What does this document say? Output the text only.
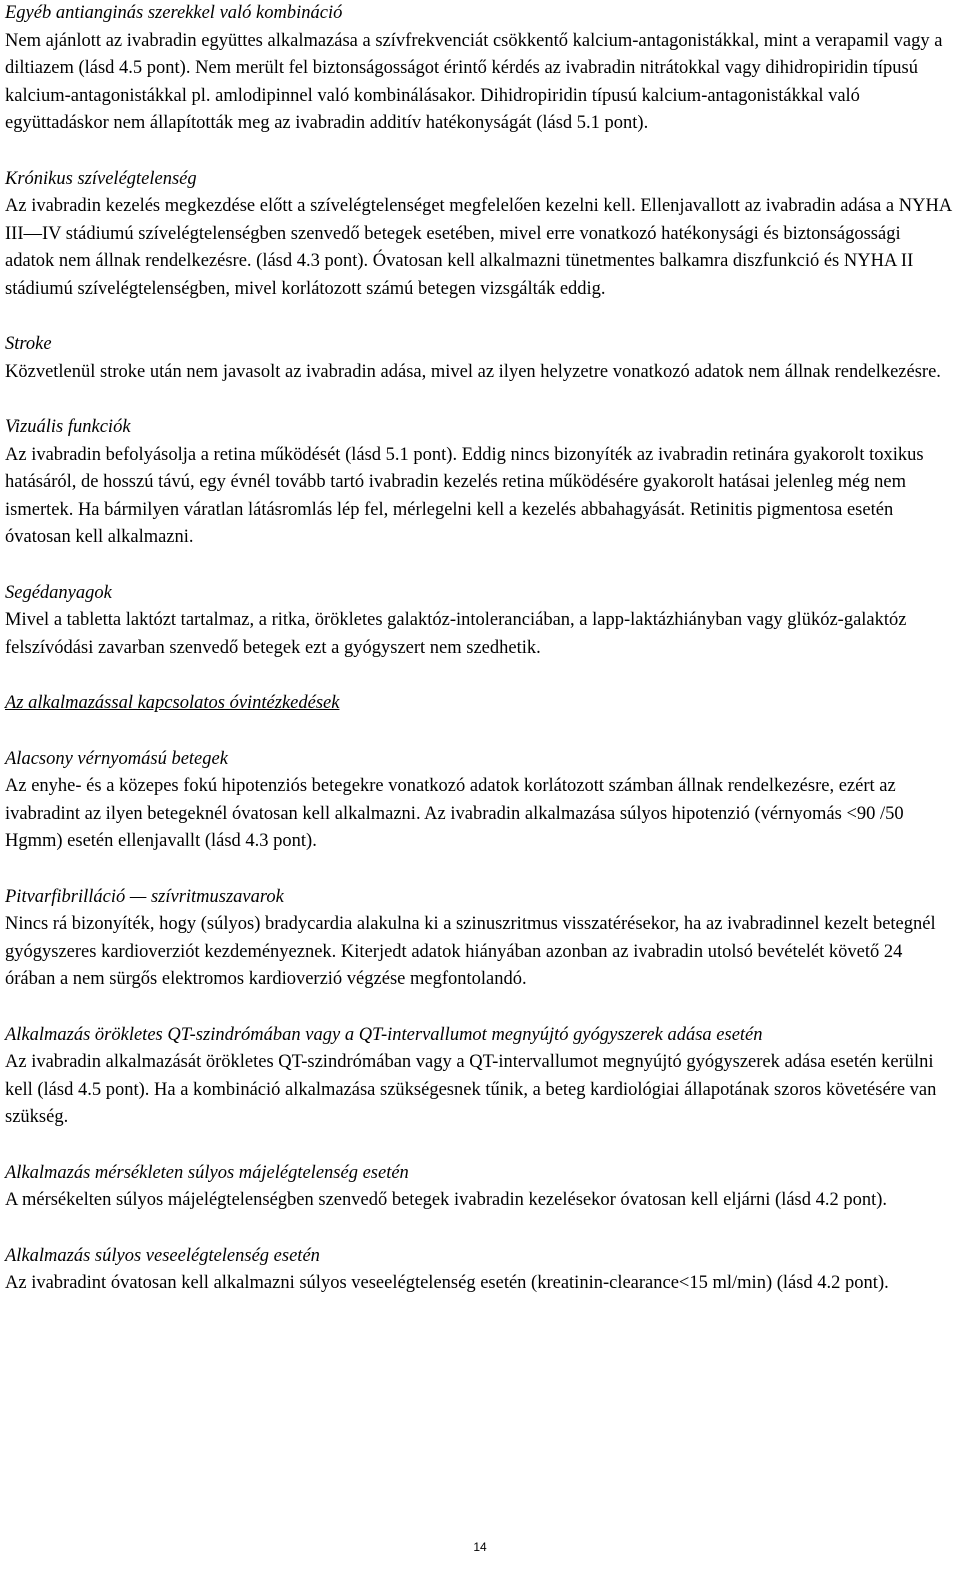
Egyéb antianginás szerekkel való kombináció

Nem ajánlott az ivabradin együttes alkalmazása a szívfrekvenciát csökkentő kalcium-antagonistákkal, mint a verapamil vagy a diltiazem (lásd 4.5 pont). Nem merült fel biztonságosságot érintő kérdés az ivabradin nitrátokkal vagy dihidropiridin típusú kalcium-antagonistákkal pl. amlodipinnel való kombinálásakor. Dihidropiridin típusú kalcium-antagonistákkal való együttadáskor nem állapították meg az ivabradin additív hatékonyságát (lásd 5.1 pont).

Krónikus szívelégtelenség

Az ivabradin kezelés megkezdése előtt a szívelégtelenséget megfelelően kezelni kell. Ellenjavallott az ivabradin adása a NYHA III—IV stádiumú szívelégtelenségben szenvedő betegek esetében, mivel erre vonatkozó hatékonysági és biztonságossági adatok nem állnak rendelkezésre. (lásd 4.3 pont). Óvatosan kell alkalmazni tünetmentes balkamra diszfunkció és NYHA II stádiumú szívelégtelenségben, mivel korlátozott számú betegen vizsgálták eddig.

Stroke

Közvetlenül stroke után nem javasolt az ivabradin adása, mivel az ilyen helyzetre vonatkozó adatok nem állnak rendelkezésre.

Vizuális funkciók

Az ivabradin befolyásolja a retina működését (lásd 5.1 pont). Eddig nincs bizonyíték az ivabradin retinára gyakorolt toxikus hatásáról, de hosszú távú, egy évnél tovább tartó ivabradin kezelés retina működésére gyakorolt hatásai jelenleg még nem ismertek. Ha bármilyen váratlan látásromlás lép fel, mérlegelni kell a kezelés abbahagyását. Retinitis pigmentosa esetén óvatosan kell alkalmazni.

Segédanyagok

Mivel a tabletta laktózt tartalmaz, a ritka, örökletes galaktóz-intoleranciában, a lapp-laktázhiányban vagy glükóz-galaktóz felszívódási zavarban szenvedő betegek ezt a gyógyszert nem szedhetik.

Az alkalmazással kapcsolatos óvintézkedések
Alacsony vérnyomású betegek

Az enyhe- és a közepes fokú hipotenziós betegekre vonatkozó adatok korlátozott számban állnak rendelkezésre, ezért az ivabradint az ilyen betegeknél óvatosan kell alkalmazni. Az ivabradin alkalmazása súlyos hipotenzió (vérnyomás <90 /50 Hgmm) esetén ellenjavallt (lásd 4.3 pont).

Pitvarfibrilláció — szívritmuszavarok

Nincs rá bizonyíték, hogy (súlyos) bradycardia alakulna ki a szinuszritmus visszatérésekor, ha az ivabradinnel kezelt betegnél gyógyszeres kardioverziót kezdeményeznek. Kiterjedt adatok hiányában azonban az ivabradin utolsó bevételét követő 24 órában a nem sürgős elektromos kardioverzió végzése megfontolandó.

Alkalmazás örökletes QT-szindrómában vagy a QT-intervallumot megnyújtó gyógyszerek adása esetén

Az ivabradin alkalmazását örökletes QT-szindrómában vagy a QT-intervallumot megnyújtó gyógyszerek adása esetén kerülni kell (lásd 4.5 pont). Ha a kombináció alkalmazása szükségesnek tűnik, a beteg kardiológiai állapotának szoros követésére van szükség.

Alkalmazás mérsékleten súlyos májelégtelenség esetén

A mérsékelten súlyos májelégtelenségben szenvedő betegek ivabradin kezelésekor óvatosan kell eljárni (lásd 4.2 pont).

Alkalmazás súlyos veseelégtelenség esetén

Az ivabradint óvatosan kell alkalmazni súlyos veseelégtelenség esetén (kreatinin-clearance<15 ml/min) (lásd 4.2 pont).

14
